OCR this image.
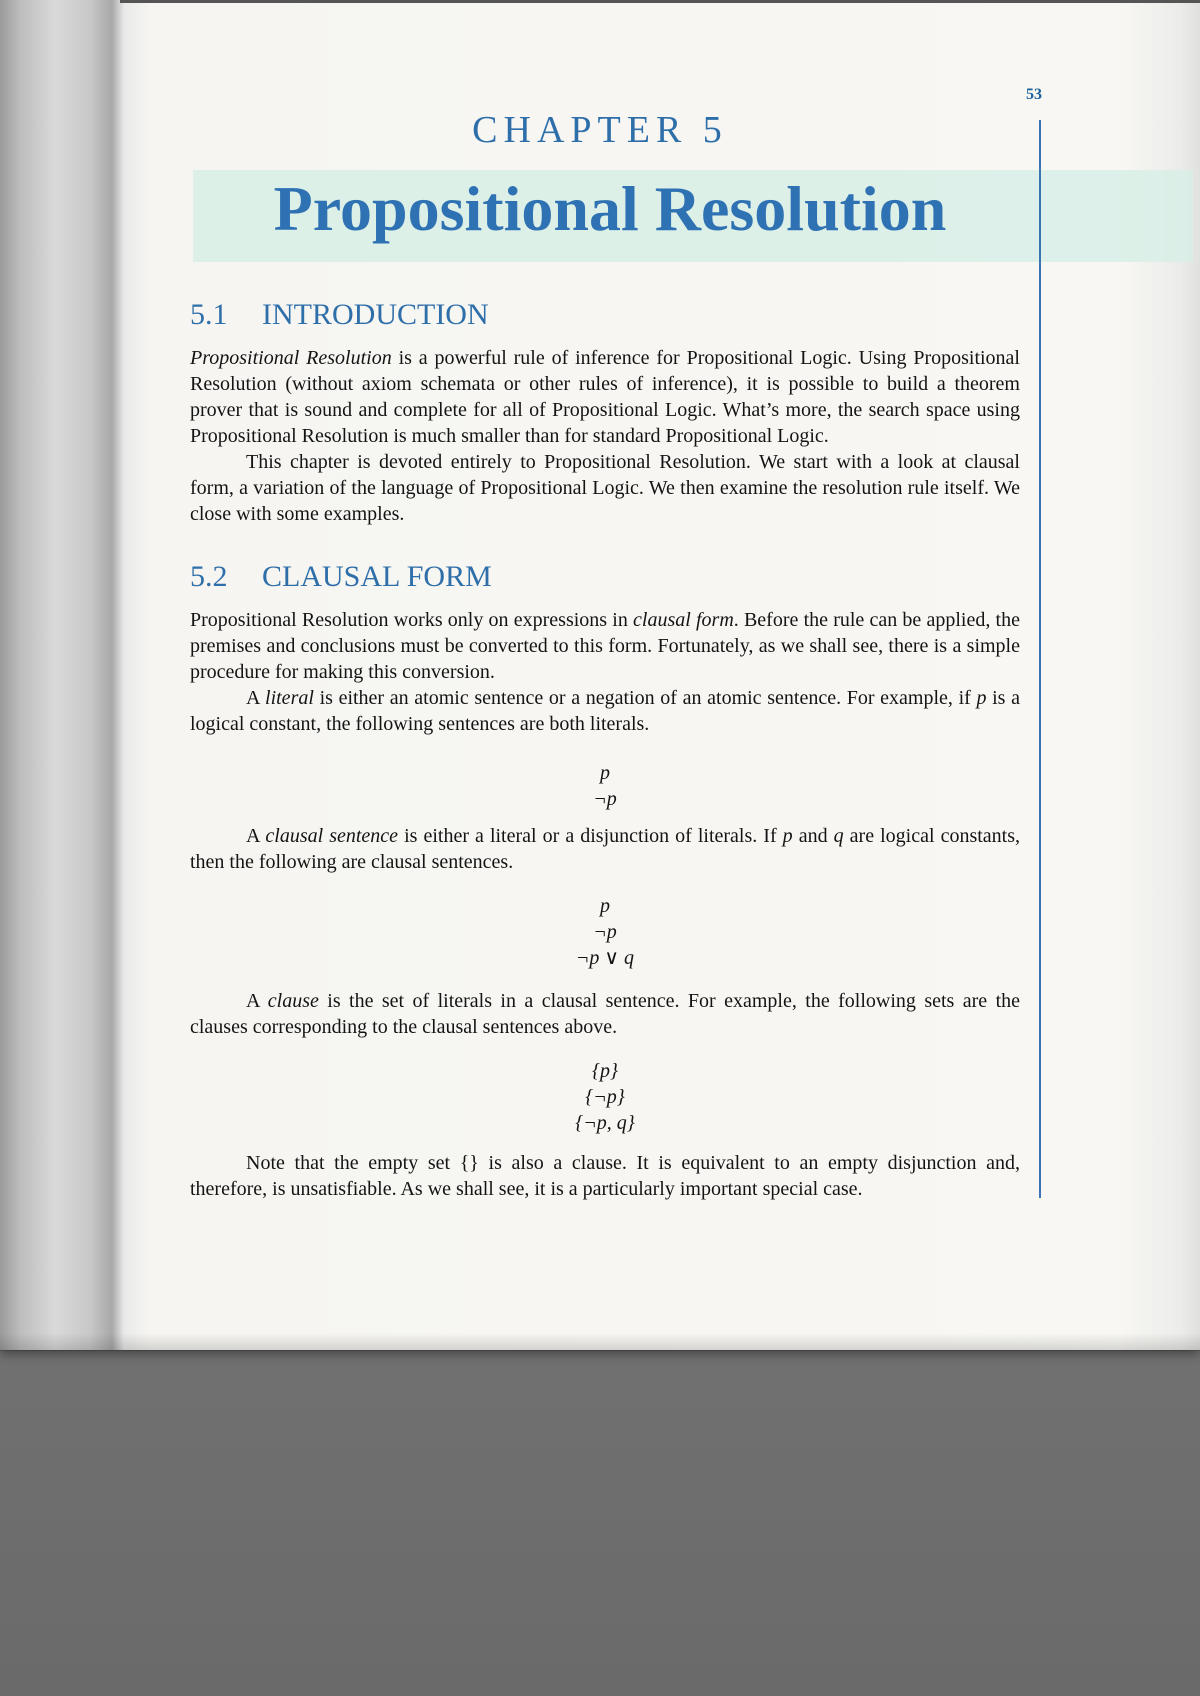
53
CHAPTER 5
Propositional Resolution
5.1 INTRODUCTION

Propositional Resolution is a powerful rule of inference for Propositional Logic. Using Propositional Resolution (without axiom schemata or other rules of inference), it is possible to build a theorem prover that is sound and complete for all of Propositional Logic. What’s more, the search space using Propositional Resolution is much smaller than for standard Propositional Logic.

This chapter is devoted entirely to Propositional Resolution. We start with a look at clausal form, a variation of the language of Propositional Logic. We then examine the resolution rule itself. We close with some examples.

5.2 CLAUSAL FORM

Propositional Resolution works only on expressions in clausal form. Before the rule can be applied, the premises and conclusions must be converted to this form. Fortunately, as we shall see, there is a simple procedure for making this conversion.

A literal is either an atomic sentence or a negation of an atomic sentence. For example, if p is a logical constant, the following sentences are both literals.

p
¬p

A clausal sentence is either a literal or a disjunction of literals. If p and q are logical constants, then the following are clausal sentences.

p
¬p
¬p ∨ q

A clause is the set of literals in a clausal sentence. For example, the following sets are the clauses corresponding to the clausal sentences above.

{p}
{¬p}
{¬p, q}

Note that the empty set {} is also a clause. It is equivalent to an empty disjunction and, therefore, is unsatisfiable. As we shall see, it is a particularly important special case.
